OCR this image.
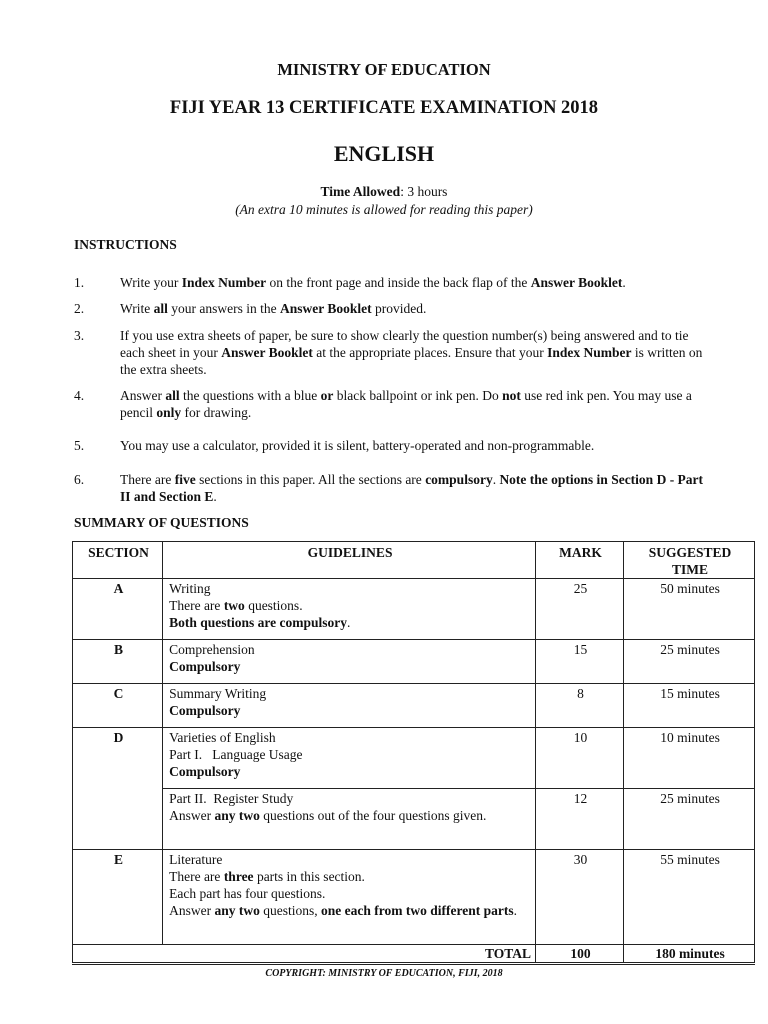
MINISTRY OF EDUCATION
FIJI YEAR 13 CERTIFICATE EXAMINATION 2018
ENGLISH
Time Allowed: 3 hours
(An extra 10 minutes is allowed for reading this paper)
INSTRUCTIONS
1.	Write your Index Number on the front page and inside the back flap of the Answer Booklet.
2.	Write all your answers in the Answer Booklet provided.
3.	If you use extra sheets of paper, be sure to show clearly the question number(s) being answered and to tie each sheet in your Answer Booklet at the appropriate places. Ensure that your Index Number is written on the extra sheets.
4.	Answer all the questions with a blue or black ballpoint or ink pen. Do not use red ink pen. You may use a pencil only for drawing.
5.	You may use a calculator, provided it is silent, battery-operated and non-programmable.
6.	There are five sections in this paper. All the sections are compulsory. Note the options in Section D - Part II and Section E.
SUMMARY OF QUESTIONS
SECTION	GUIDELINES	MARK	SUGGESTED TIME
A	Writing
There are two questions.
Both questions are compulsory.	25	50 minutes
B	Comprehension
Compulsory	15	25 minutes
C	Summary Writing
Compulsory	8	15 minutes
D	Varieties of English
Part I.   Language Usage
Compulsory	10	10 minutes

	Part II.  Register Study
Answer any two questions out of the four questions given.	12	25 minutes
E	Literature
There are three parts in this section.
Each part has four questions.
Answer any two questions, one each from two different parts.	30	55 minutes
TOTAL		100	180 minutes
COPYRIGHT: MINISTRY OF EDUCATION, FIJI, 2018
